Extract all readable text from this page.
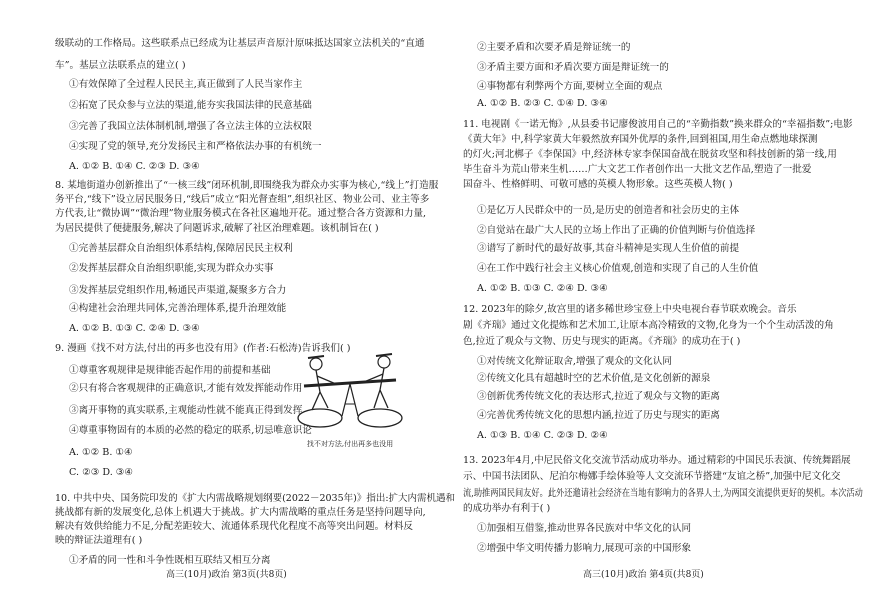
级联动的工作格局。这些联系点已经成为让基层声音原汁原味抵达国家立法机关的“直通
车”。基层立法联系点的建立( )
①有效保障了全过程人民民主,真正做到了人民当家作主
②拓宽了民众参与立法的渠道,能夯实我国法律的民意基础
③完善了我国立法体制机制,增强了各立法主体的立法权限
④实现了党的领导,充分发扬民主和严格依法办事的有机统一
A. ①② B. ①④ C. ②③ D. ③④
8. 某地街道办创新推出了“一核三线”闭环机制,即围绕我为群众办实事为核心,“线上”打造服
务平台,“线下”设立居民服务日,“线后”成立“阳光督查组”,组织社区、物业公司、业主等多
方代表,让“微协调”“微治理”物业服务模式在各社区遍地开花。通过整合各方资源和力量,
为居民提供了便捷服务,解决了问题诉求,破解了社区治理难题。该机制旨在( )
①完善基层群众自治组织体系结构,保障居民民主权利
②发挥基层群众自治组织职能,实现为群众办实事
③发挥基层党组织作用,畅通民声渠道,凝聚多方合力
④构建社会治理共同体,完善治理体系,提升治理效能
A. ①② B. ①③ C. ②④ D. ③④
9. 漫画《找不对方法,付出的再多也没有用》(作者:石松涛)告诉我们( )
①尊重客观规律是规律能否起作用的前提和基础
②只有将合客观规律的正确意识,才能有效发挥能动作用
③离开事物的真实联系,主观能动性就不能真正得到发挥
④尊重事物固有的本质的必然的稳定的联系,切忌唯意识论
A. ①② B. ①④
C. ②③ D. ③④
10. 中共中央、国务院印发的《扩大内需战略规划纲要(2022－2035年)》指出:扩大内需机遇和
挑战都有新的发展变化,总体上机遇大于挑战。扩大内需战略的重点任务是坚持问题导向,
解决有效供给能力不足,分配差距较大、流通体系现代化程度不高等突出问题。材料反
映的辩证法道理有( )
①矛盾的同一性和斗争性既相互联结又相互分离
②主要矛盾和次要矛盾是辩证统一的
③矛盾主要方面和矛盾次要方面是辩证统一的
④事物都有利弊两个方面,要树立全面的观点
A. ①② B. ②③ C. ①④ D. ③④
11. 电视剧《一诺无悔》,从县委书记廖俊波用自己的“辛勤指数”换来群众的“幸福指数”;电影
《黄大年》中,科学家黄大年毅然放弃国外优厚的条件,回到祖国,用生命点燃地球探测
的灯火;河北梆子《李保国》中,经济林专家李保国奋战在脱贫攻坚和科技创新的第一线,用
毕生奋斗为荒山带来生机……广大文艺工作者创作出一大批文艺作品,塑造了一批爱
国奋斗、性格鲜明、可敬可感的英模人物形象。这些英模人物( )
①是亿万人民群众中的一员,是历史的创造者和社会历史的主体
②自觉站在最广大人民的立场上作出了正确的价值判断与价值选择
③谱写了新时代的最好故事,其奋斗精神是实现人生价值的前提
④在工作中践行社会主义核心价值观,创造和实现了自己的人生价值
A. ①② B. ①③ C. ②④ D. ③④
12. 2023年的除夕,故宫里的诸多稀世珍宝登上中央电视台春节联欢晚会。音乐
剧《齐瑞》通过文化提炼和艺术加工,让原本高冷精致的文物,化身为一个个生动活泼的角
色,拉近了观众与文物、历史与现实的距离。《齐瑞》的成功在于( )
①对传统文化辩证取舍,增强了观众的文化认同
②传统文化具有超越时空的艺术价值,是文化创新的源泉
③创新优秀传统文化的表达形式,拉近了观众与文物的距离
④完善优秀传统文化的思想内涵,拉近了历史与现实的距离
A. ①③ B. ①④ C. ②③ D. ②④
13. 2023年4月,中尼民俗文化交流节活动成功举办。通过精彩的中国民乐表演、传统舞蹈展
示、中国书法团队、尼泊尔梅娜手绘体验等人文交流环节搭建“友谊之桥”,加强中尼文化交
流,助推两国民间友好。此外还邀请社会经济在当地有影响力的各界人士,为两国交流提供更好的契机。本次活动
的成功举办有利于( )
①加强相互借鉴,推动世界各民族对中华文化的认同
②增强中华文明传播力影响力,展现可亲的中国形象
找不对方法,付出再多也没用
高三(10月)政治 第3页(共8页)	高三(10月)政治 第4页(共8页)
